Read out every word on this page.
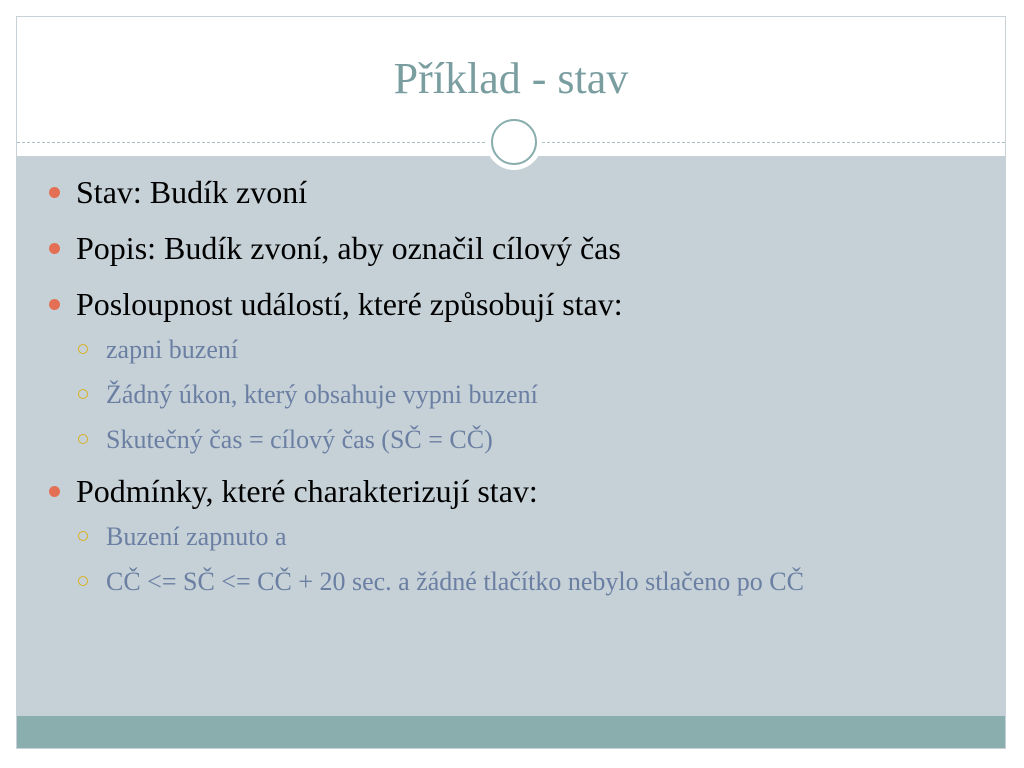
Příklad - stav
Stav: Budík zvoní
Popis: Budík zvoní, aby označil cílový čas
Posloupnost událostí, které způsobují stav:
zapni buzení
Žádný úkon, který obsahuje vypni buzení
Skutečný čas = cílový čas (SČ = CČ)
Podmínky, které charakterizují stav:
Buzení zapnuto a
CČ <= SČ <= CČ + 20 sec. a žádné tlačítko nebylo stlačeno po CČ
